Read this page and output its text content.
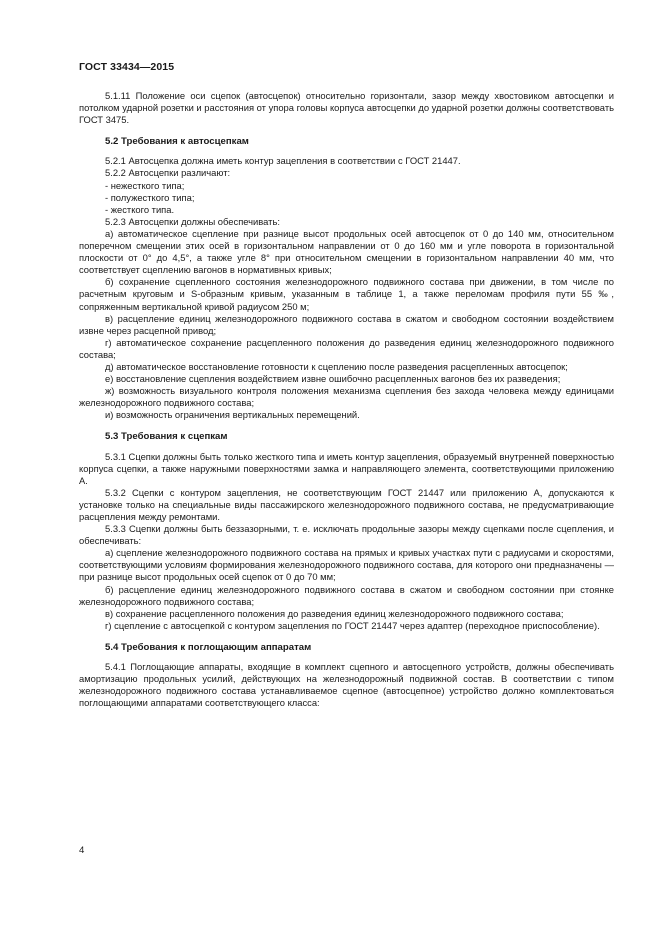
ГОСТ 33434—2015

5.1.11 Положение оси сцепок (автосцепок) относительно горизонтали, зазор между хвостовиком автосцепки и потолком ударной розетки и расстояния от упора головы корпуса автосцепки до ударной розетки должны соответствовать ГОСТ 3475.

5.2 Требования к автосцепкам

5.2.1 Автосцепка должна иметь контур зацепления в соответствии с ГОСТ 21447.

5.2.2 Автосцепки различают:

- нежесткого типа;
- полужесткого типа;
- жесткого типа.

5.2.3 Автосцепки должны обеспечивать:

а) автоматическое сцепление при разнице высот продольных осей автосцепок от 0 до 140 мм, относительном поперечном смещении этих осей в горизонтальном направлении от 0 до 160 мм и угле поворота в горизонтальной плоскости от 0° до 4,5°, а также угле 8° при относительном смещении в горизонтальном направлении 40 мм, что соответствует сцеплению вагонов в нормативных кривых;

б) сохранение сцепленного состояния железнодорожного подвижного состава при движении, в том числе по расчетным круговым и S-образным кривым, указанным в таблице 1, а также переломам профиля пути 55 ‰, сопряженным вертикальной кривой радиусом 250 м;

в) расцепление единиц железнодорожного подвижного состава в сжатом и свободном состоянии воздействием извне через расцепной привод;

г) автоматическое сохранение расцепленного положения до разведения единиц железнодорожного подвижного состава;

д) автоматическое восстановление готовности к сцеплению после разведения расцепленных автосцепок;

е) восстановление сцепления воздействием извне ошибочно расцепленных вагонов без их разведения;

ж) возможность визуального контроля положения механизма сцепления без захода человека между единицами железнодорожного подвижного состава;

и) возможность ограничения вертикальных перемещений.

5.3 Требования к сцепкам

5.3.1 Сцепки должны быть только жесткого типа и иметь контур зацепления, образуемый внутренней поверхностью корпуса сцепки, а также наружными поверхностями замка и направляющего элемента, соответствующими приложению А.

5.3.2 Сцепки с контуром зацепления, не соответствующим ГОСТ 21447 или приложению А, допускаются к установке только на специальные виды пассажирского железнодорожного подвижного состава, не предусматривающие расцепления между ремонтами.

5.3.3 Сцепки должны быть беззазорными, т. е. исключать продольные зазоры между сцепками после сцепления, и обеспечивать:

а) сцепление железнодорожного подвижного состава на прямых и кривых участках пути с радиусами и скоростями, соответствующими условиям формирования железнодорожного подвижного состава, для которого они предназначены — при разнице высот продольных осей сцепок от 0 до 70 мм;

б) расцепление единиц железнодорожного подвижного состава в сжатом и свободном состоянии при стоянке железнодорожного подвижного состава;

в) сохранение расцепленного положения до разведения единиц железнодорожного подвижного состава;

г) сцепление с автосцепкой с контуром зацепления по ГОСТ 21447 через адаптер (переходное приспособление).

5.4 Требования к поглощающим аппаратам

5.4.1 Поглощающие аппараты, входящие в комплект сцепного и автосцепного устройств, должны обеспечивать амортизацию продольных усилий, действующих на железнодорожный подвижной состав. В соответствии с типом железнодорожного подвижного состава устанавливаемое сцепное (автосцепное) устройство должно комплектоваться поглощающими аппаратами соответствующего класса:

4
